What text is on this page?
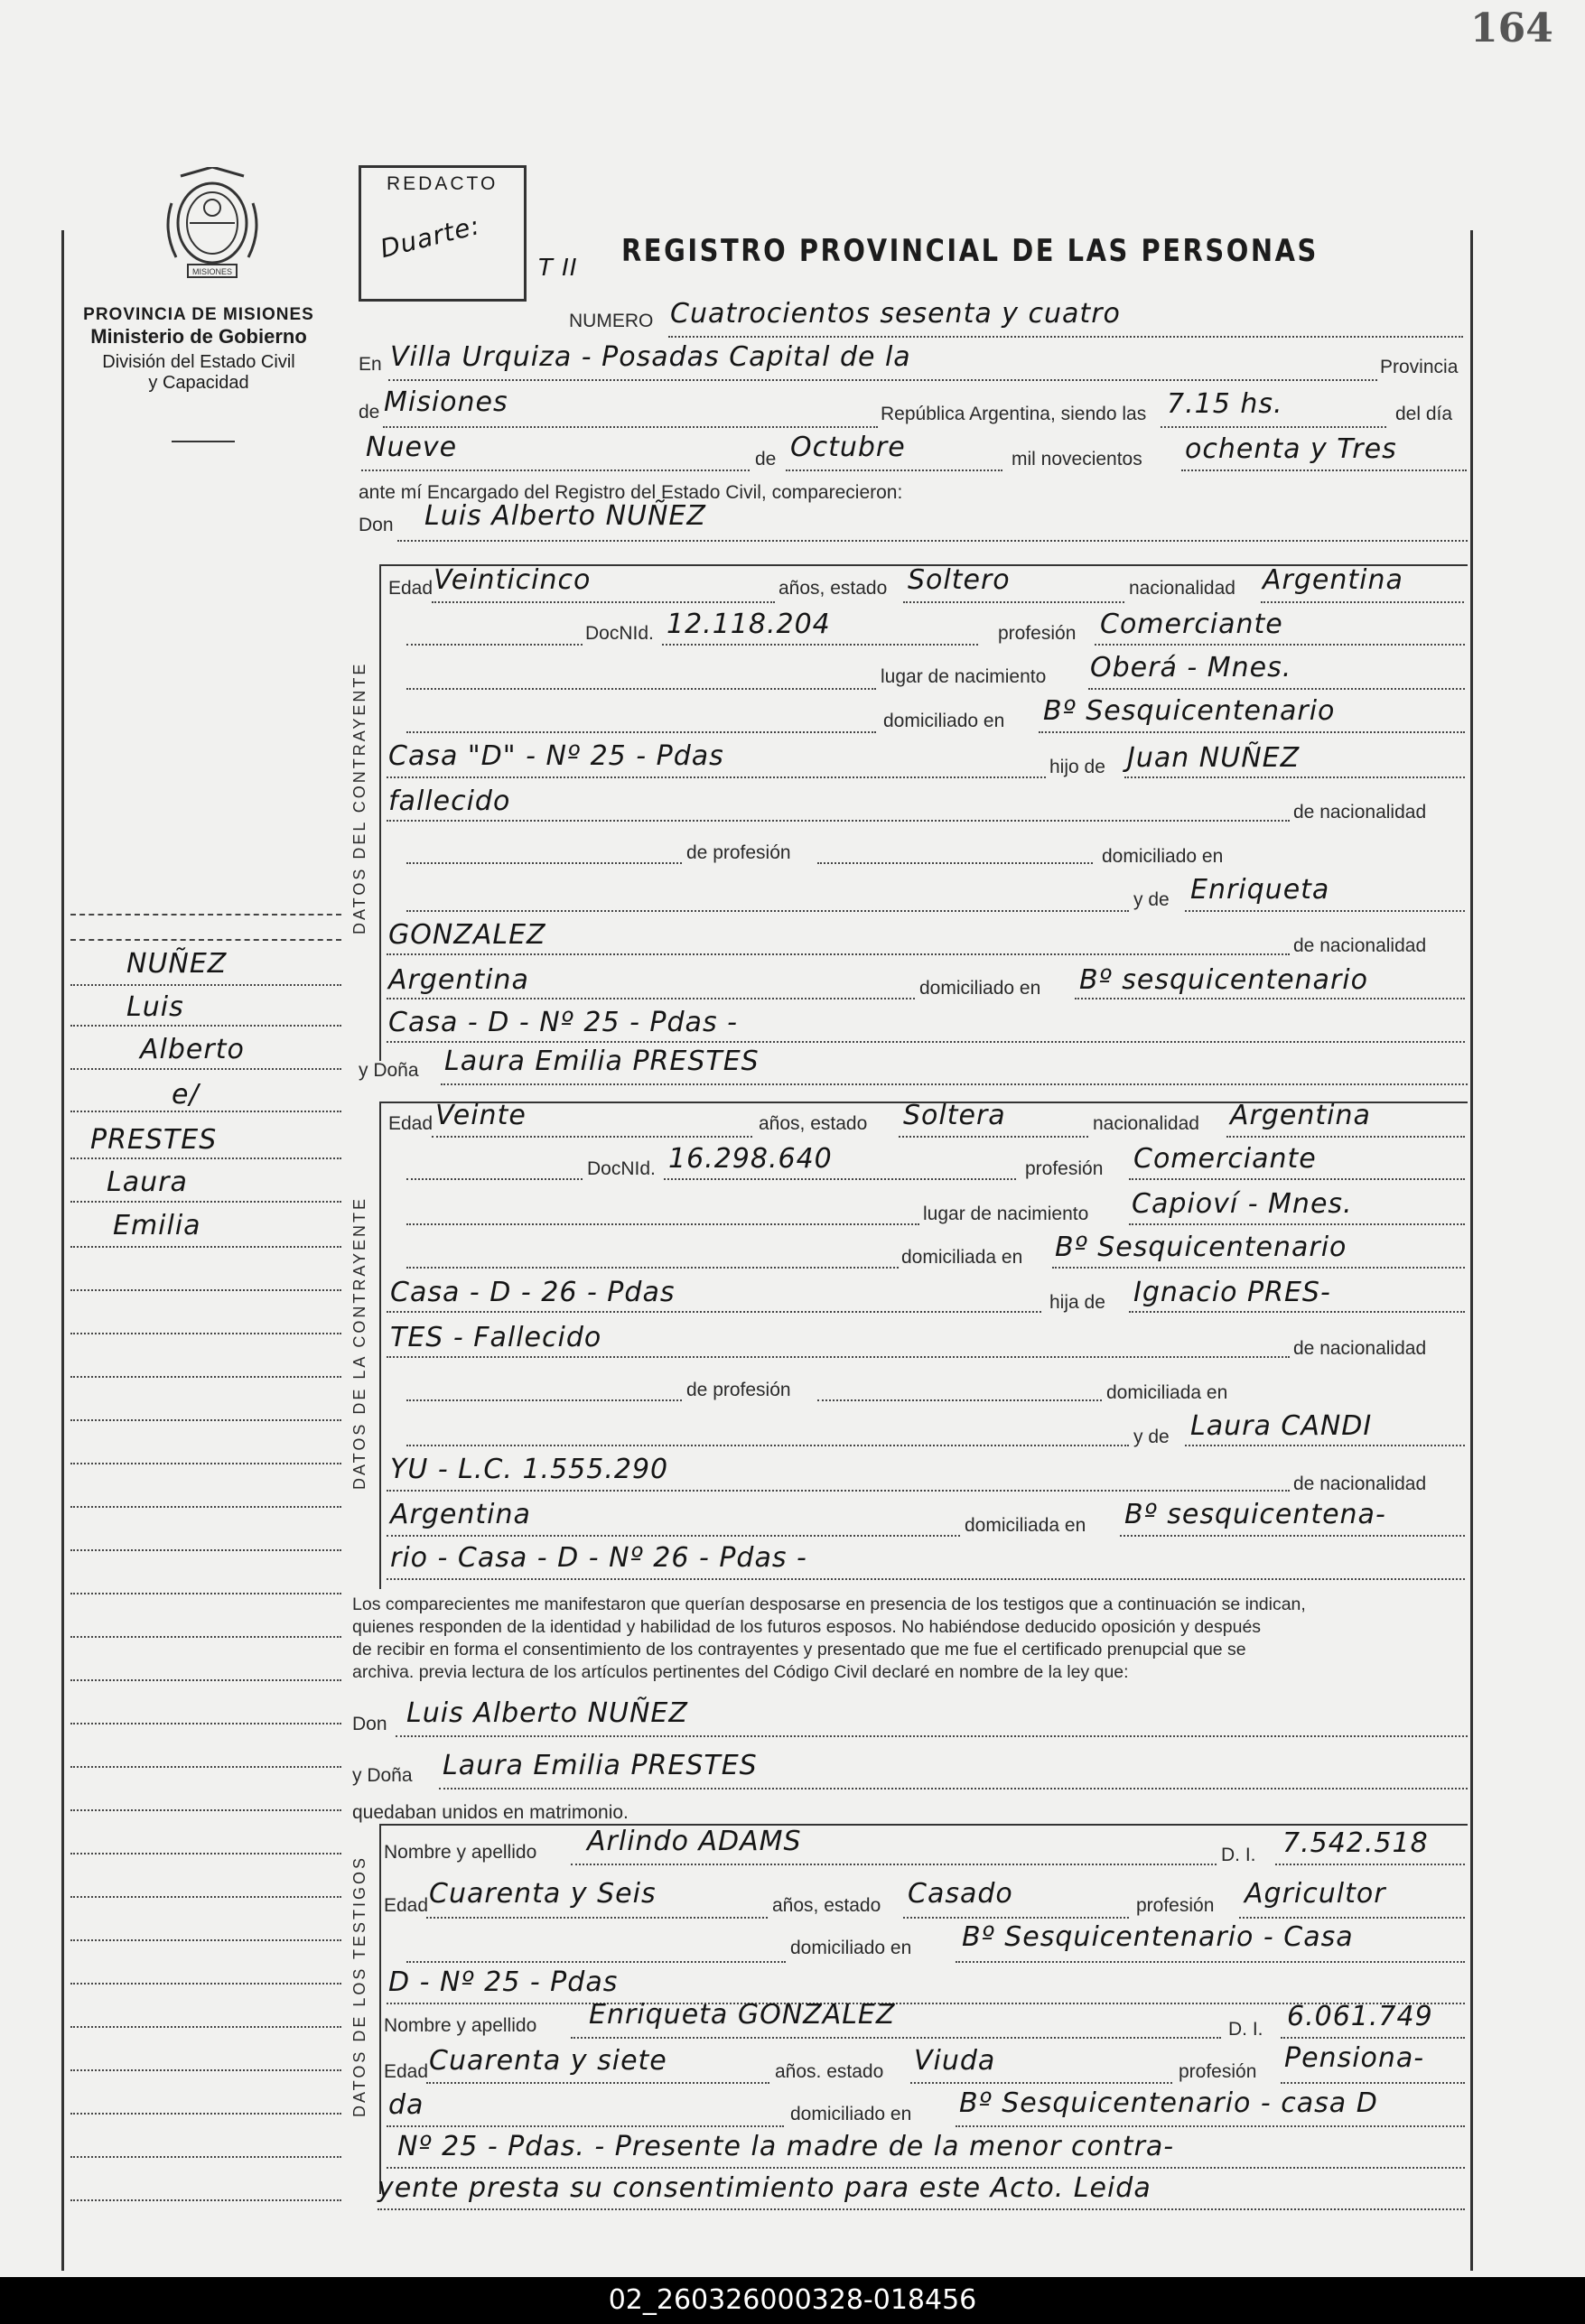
164
MISIONES
PROVINCIA DE MISIONES
Ministerio de Gobierno
División del Estado Civil
y Capacidad
REDACTO
Duarte:
T II REGISTRO PROVINCIAL DE LAS PERSONAS
NUMERO Cuatrocientos sesenta y cuatro
En Villa Urquiza - Posadas Capital de la	Provincia
de Misiones	República Argentina, siendo las 7.15 hs.	del día
Nueve	de Octubre	mil novecientos ochenta y Tres
ante mí Encargado del Registro del Estado Civil, comparecieron:
Don Luis Alberto NUÑEZ
DATOS DEL CONTRAYENTE
Edad Veinticinco	años, estado Soltero	nacionalidad Argentina
DocNId. 12.118.204	profesión Comerciante
lugar de nacimiento Oberá - Mnes.
domiciliado en Bº Sesquicentenario
Casa "D" - Nº 25 - Pdas	hijo de Juan NUÑEZ
fallecido	de nacionalidad
de profesión	domiciliado en
y de Enriqueta
GONZALEZ	de nacionalidad
Argentina	domiciliado en Bº sesquicentenario
Casa - D - Nº 25 - Pdas -
y Doña Laura Emilia PRESTES
DATOS DE LA CONTRAYENTE
Edad Veinte	años, estado Soltera	nacionalidad Argentina
DocNId. 16.298.640	profesión Comerciante
lugar de nacimiento Capioví - Mnes.
domiciliada en Bº Sesquicentenario
Casa - D - 26 - Pdas	hija de Ignacio PRES-
TES - Fallecido	de nacionalidad
de profesión	domiciliada en
y de Laura CANDI
YU - L.C. 1.555.290	de nacionalidad
Argentina	domiciliada en Bº sesquicentena-
rio - Casa - D - Nº 26 - Pdas -
Los comparecientes me manifestaron que querían desposarse en presencia de los testigos que a continuación se indican,
quienes responden de la identidad y habilidad de los futuros esposos. No habiéndose deducido oposición y después
de recibir en forma el consentimiento de los contrayentes y presentado que me fue el certificado prenupcial que se
archiva. previa lectura de los artículos pertinentes del Código Civil declaré en nombre de la ley que:
Don Luis Alberto NUÑEZ
y Doña Laura Emilia PRESTES
quedaban unidos en matrimonio.
DATOS DE LOS TESTIGOS
Nombre y apellido Arlindo ADAMS	D. I. 7.542.518
Edad Cuarenta y Seis	años, estado Casado	profesión Agricultor
domiciliado en Bº Sesquicentenario - Casa
D - Nº 25 - Pdas
Nombre y apellido Enriqueta GONZALEZ	D. I. 6.061.749
Edad Cuarenta y siete	años. estado Viuda	profesión Pensiona-
da	domiciliado en Bº Sesquicentenario - casa D
Nº 25 - Pdas. - Presente la madre de la menor contra-
yente presta su consentimiento para este Acto. Leida
NUÑEZ
Luis
Alberto
e/
PRESTES
Laura
Emilia
02_260326000328-018456
